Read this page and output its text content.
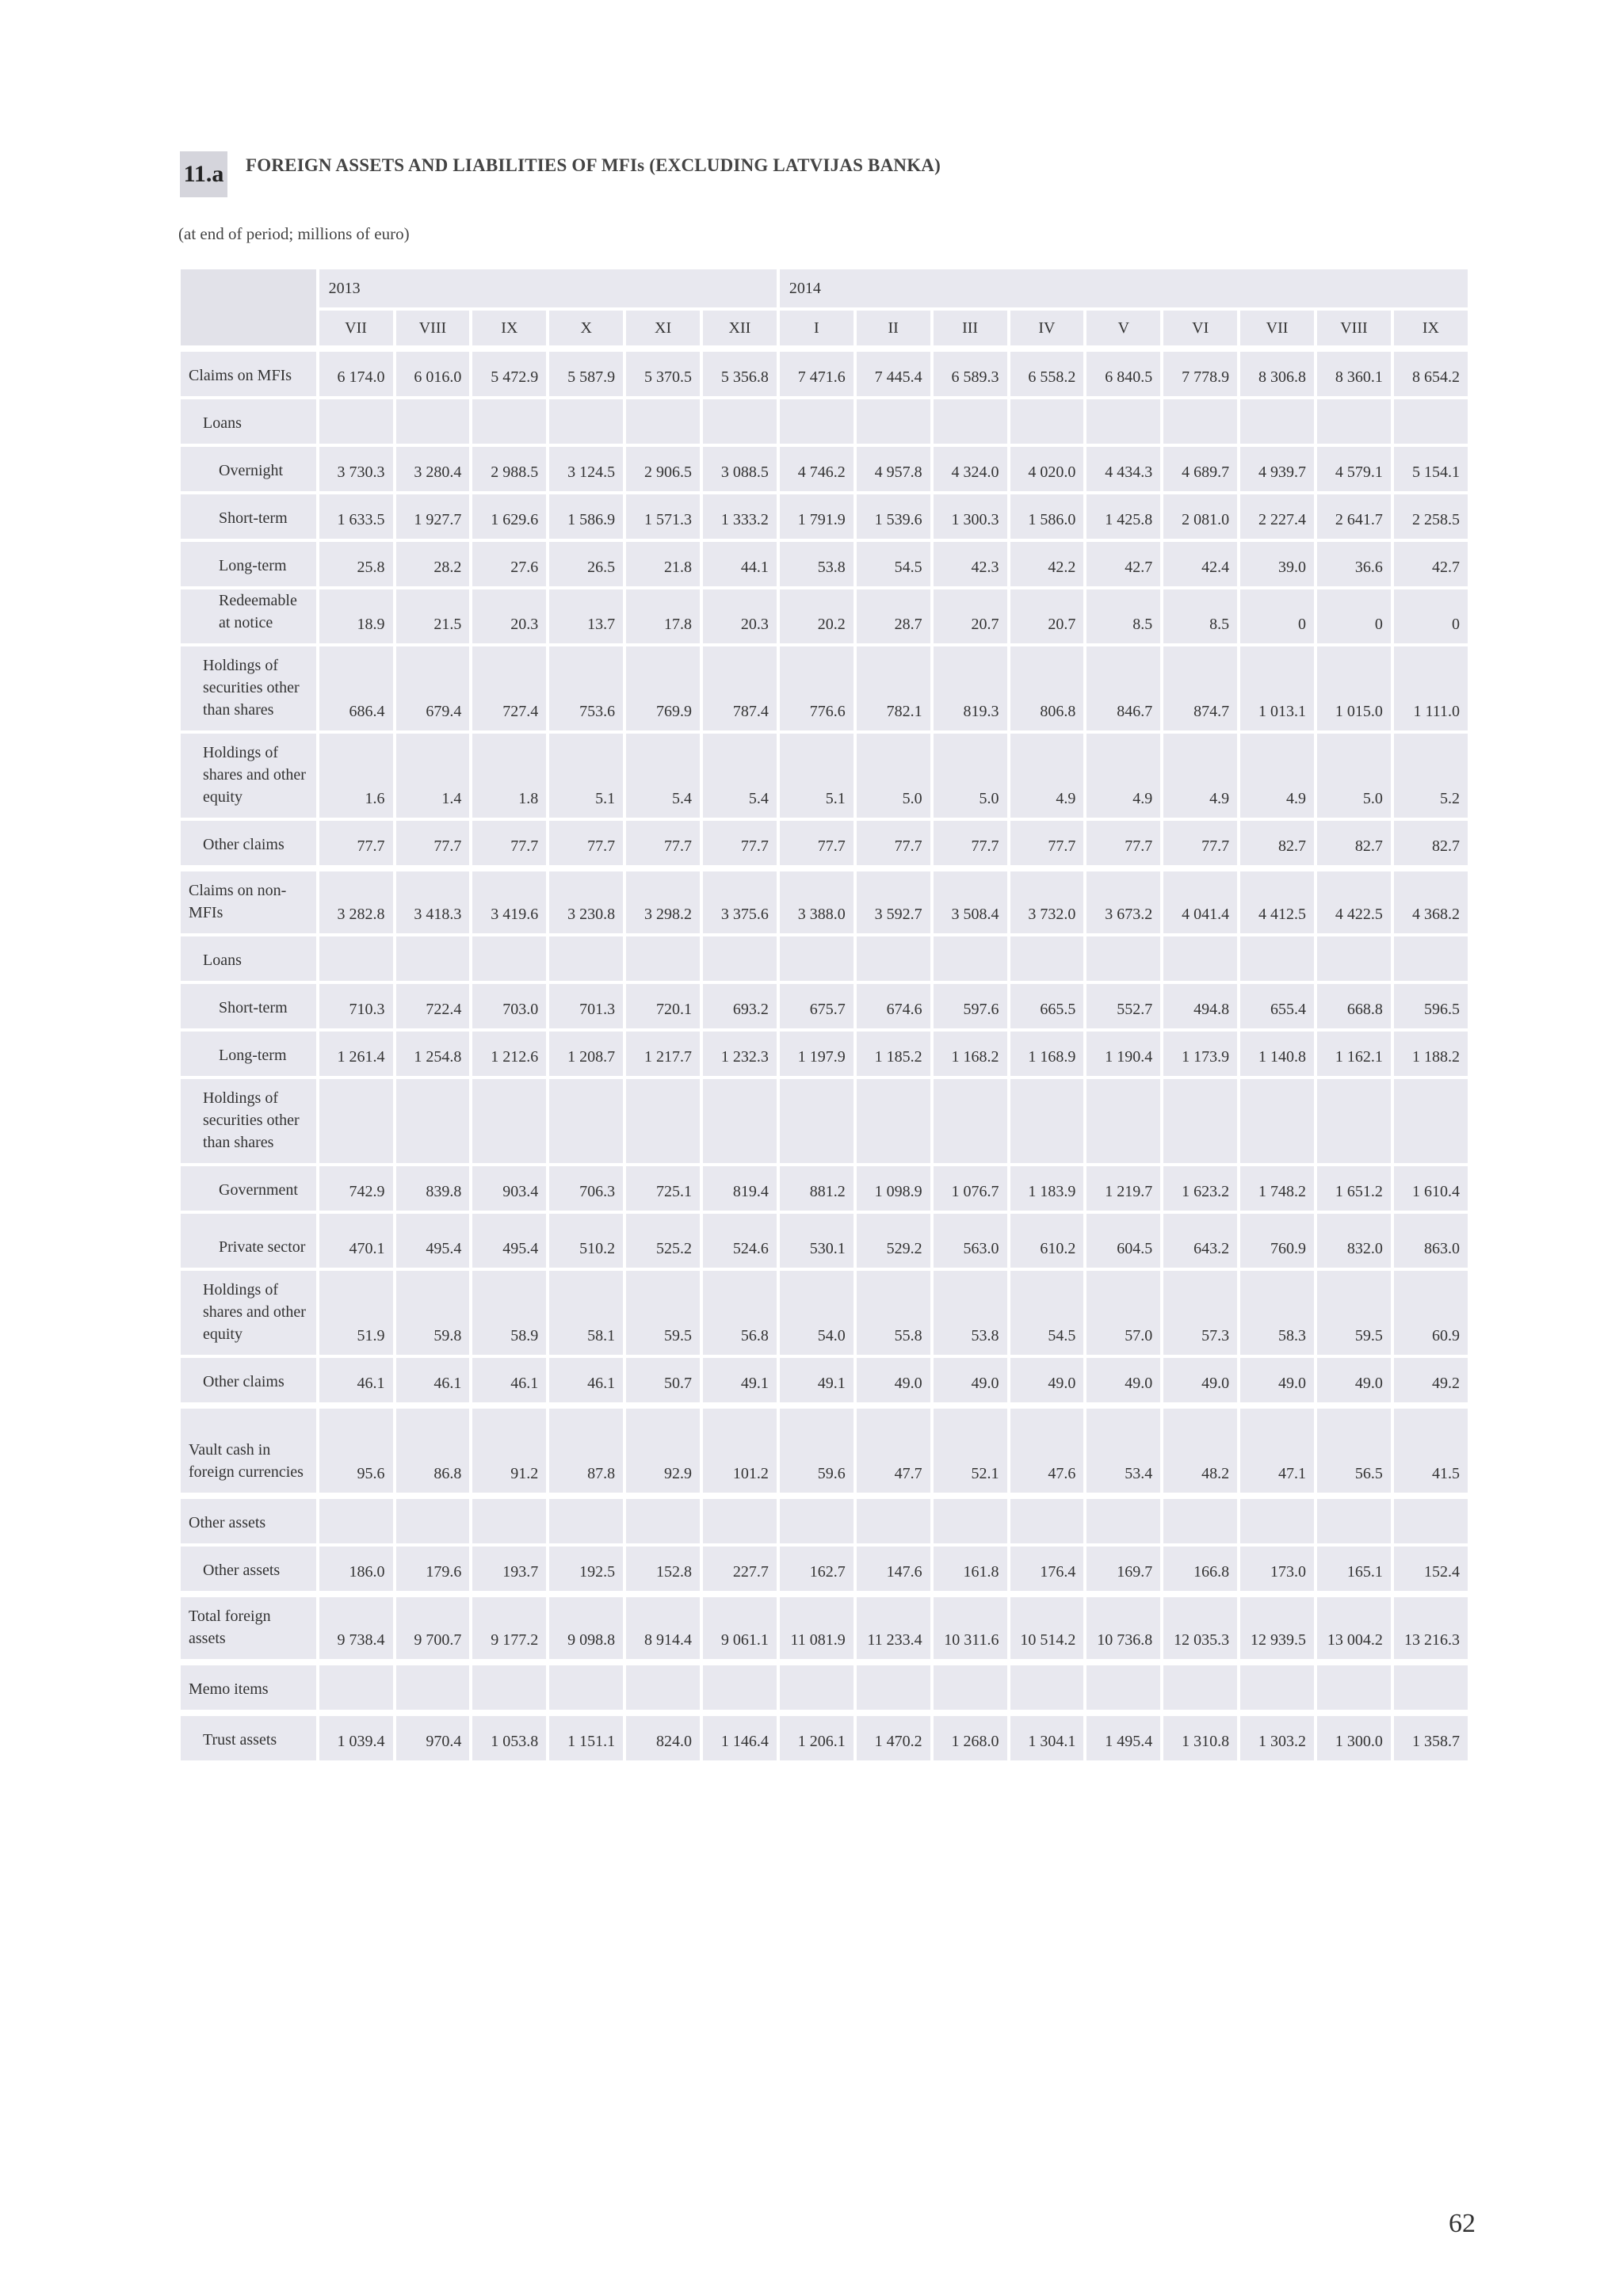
11.a FOREIGN ASSETS AND LIABILITIES OF MFIs (EXCLUDING LATVIJAS BANKA)
(at end of period; millions of euro)
	2013						2014								
	VII	VIII	IX	X	XI	XII	I	II	III	IV	V	VI	VII	VIII	IX

Claims on MFIs	6 174.0	6 016.0	5 472.9	5 587.9	5 370.5	5 356.8	7 471.6	7 445.4	6 589.3	6 558.2	6 840.5	7 778.9	8 306.8	8 360.1	8 654.2
Loans															
Overnight	3 730.3	3 280.4	2 988.5	3 124.5	2 906.5	3 088.5	4 746.2	4 957.8	4 324.0	4 020.0	4 434.3	4 689.7	4 939.7	4 579.1	5 154.1
Short-term	1 633.5	1 927.7	1 629.6	1 586.9	1 571.3	1 333.2	1 791.9	1 539.6	1 300.3	1 586.0	1 425.8	2 081.0	2 227.4	2 641.7	2 258.5
Long-term	25.8	28.2	27.6	26.5	21.8	44.1	53.8	54.5	42.3	42.2	42.7	42.4	39.0	36.6	42.7
Redeemable at notice	18.9	21.5	20.3	13.7	17.8	20.3	20.2	28.7	20.7	20.7	8.5	8.5	0	0	0
Holdings of securities other than shares	686.4	679.4	727.4	753.6	769.9	787.4	776.6	782.1	819.3	806.8	846.7	874.7	1 013.1	1 015.0	1 111.0
Holdings of shares and other equity	1.6	1.4	1.8	5.1	5.4	5.4	5.1	5.0	5.0	4.9	4.9	4.9	4.9	5.0	5.2
Other claims	77.7	77.7	77.7	77.7	77.7	77.7	77.7	77.7	77.7	77.7	77.7	77.7	82.7	82.7	82.7

Claims on non-MFIs	3 282.8	3 418.3	3 419.6	3 230.8	3 298.2	3 375.6	3 388.0	3 592.7	3 508.4	3 732.0	3 673.2	4 041.4	4 412.5	4 422.5	4 368.2
Loans															
Short-term	710.3	722.4	703.0	701.3	720.1	693.2	675.7	674.6	597.6	665.5	552.7	494.8	655.4	668.8	596.5
Long-term	1 261.4	1 254.8	1 212.6	1 208.7	1 217.7	1 232.3	1 197.9	1 185.2	1 168.2	1 168.9	1 190.4	1 173.9	1 140.8	1 162.1	1 188.2
Holdings of securities other than shares															
Government	742.9	839.8	903.4	706.3	725.1	819.4	881.2	1 098.9	1 076.7	1 183.9	1 219.7	1 623.2	1 748.2	1 651.2	1 610.4
Private sector	470.1	495.4	495.4	510.2	525.2	524.6	530.1	529.2	563.0	610.2	604.5	643.2	760.9	832.0	863.0
Holdings of shares and other equity	51.9	59.8	58.9	58.1	59.5	56.8	54.0	55.8	53.8	54.5	57.0	57.3	58.3	59.5	60.9
Other claims	46.1	46.1	46.1	46.1	50.7	49.1	49.1	49.0	49.0	49.0	49.0	49.0	49.0	49.0	49.2

Vault cash in foreign currencies	95.6	86.8	91.2	87.8	92.9	101.2	59.6	47.7	52.1	47.6	53.4	48.2	47.1	56.5	41.5

Other assets															
Other assets	186.0	179.6	193.7	192.5	152.8	227.7	162.7	147.6	161.8	176.4	169.7	166.8	173.0	165.1	152.4

Total foreign assets	9 738.4	9 700.7	9 177.2	9 098.8	8 914.4	9 061.1	11 081.9	11 233.4	10 311.6	10 514.2	10 736.8	12 035.3	12 939.5	13 004.2	13 216.3

Memo items															

Trust assets	1 039.4	970.4	1 053.8	1 151.1	824.0	1 146.4	1 206.1	1 470.2	1 268.0	1 304.1	1 495.4	1 310.8	1 303.2	1 300.0	1 358.7
62
